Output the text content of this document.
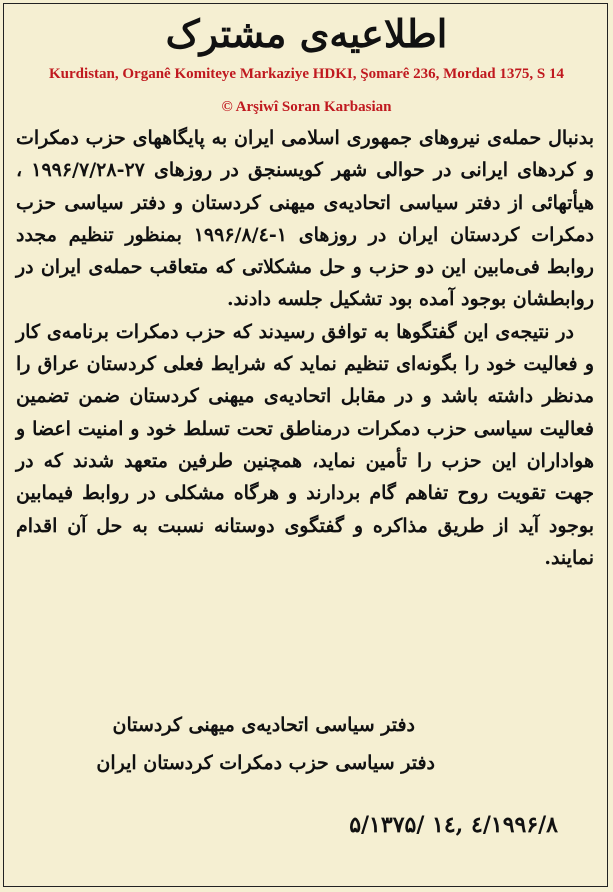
اطلاعیه‌ی مشترک
Kurdistan, Organê Komiteye Markaziye HDKI, Şomarê 236, Mordad 1375, S 14
© Arşiwî Soran Karbasian

بدنبال حمله‌ی نیروهای جمهوری اسلامی ایران به پایگاههای حزب دمکرات و کردهای ایرانی در حوالی شهر کویسنجق در روزهای ۲۷-۱۹۹۶/۷/۲۸ ، هیأتهائی از دفتر سیاسی اتحادیه‌ی میهنی کردستان و دفتر سیاسی حزب دمکرات کردستان ایران در روزهای ۱-۱۹۹۶/۸/٤ بمنظور تنظیم مجدد روابط فی‌مابین این دو حزب و حل مشکلاتی که متعاقب حمله‌ی ایران در روابطشان بوجود آمده بود تشکیل جلسه دادند.

در نتیجه‌ی این گفتگوها به توافق رسیدند که حزب دمکرات برنامه‌ی کار و فعالیت خود را بگونه‌ای تنظیم نماید که شرایط فعلی کردستان عراق را مدنظر داشته باشد و در مقابل اتحادیه‌ی میهنی کردستان ضمن تضمین فعالیت سیاسی حزب دمکرات درمناطق تحت تسلط خود و امنیت اعضا و هواداران این حزب را تأمین نماید، همچنین طرفین متعهد شدند که در جهت تقویت روح تفاهم گام بردارند و هرگاه مشکلی در روابط فیمابین بوجود آید از طریق مذاکره و گفتگوی دوستانه نسبت به حل آن اقدام نمایند.

دفتر سیاسی اتحادیه‌ی میهنی کردستان
دفتر سیاسی حزب دمکرات کردستان ایران
۱۹۹۶/۸/٤ ,۱٤ /۵/۱۳۷۵
